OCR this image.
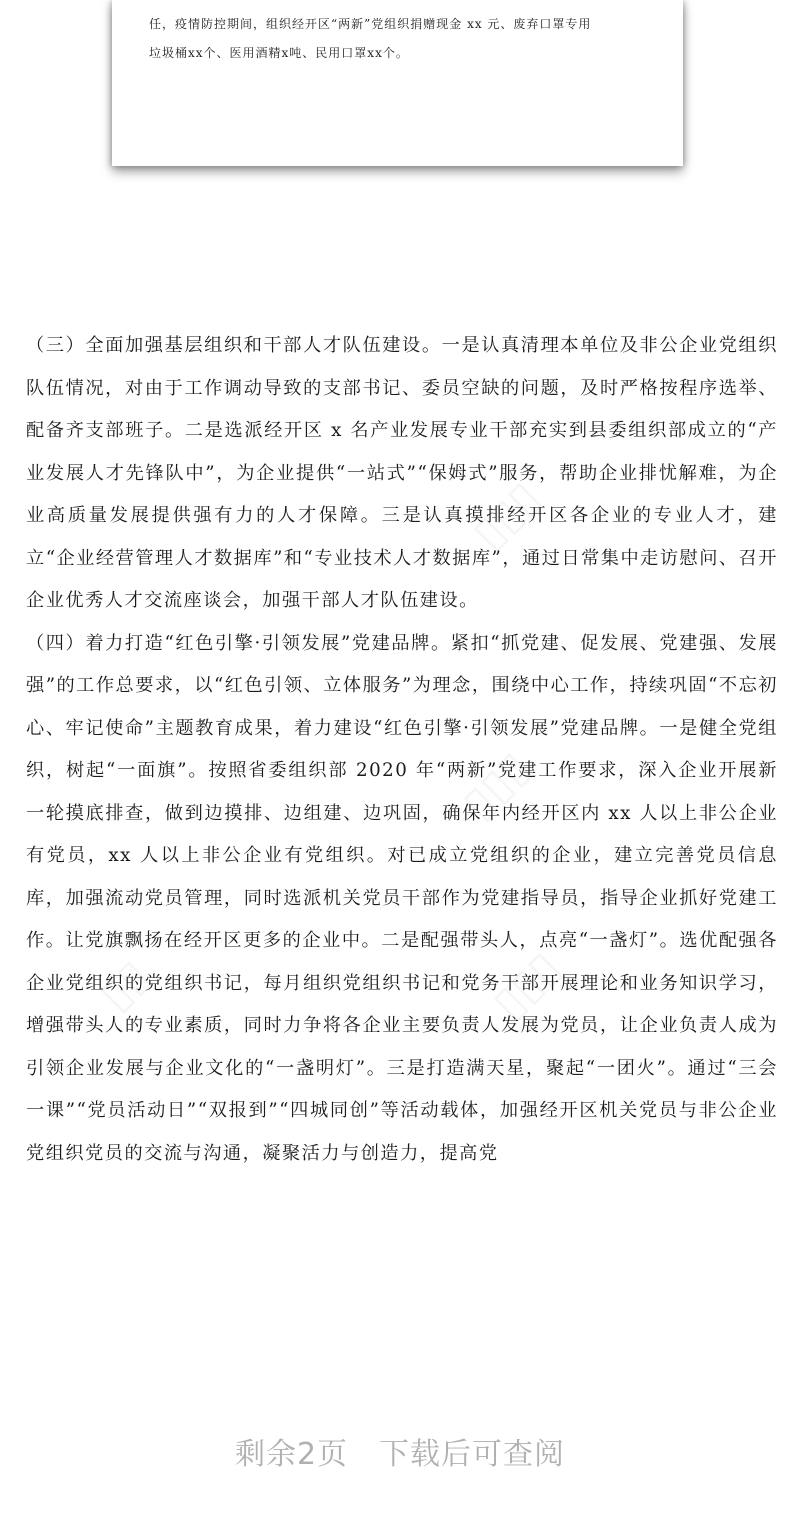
任，疫情防控期间，组织经开区“两新”党组织捐赠现金 xx 元、废弃口罩专用
垃圾桶xx个、医用酒精x吨、民用口罩xx个。
▯▯▯
▯▯▯
▯▯	▯▯▯

（三）全面加强基层组织和干部人才队伍建设。一是认真清理本单位及非公企业党组织队伍情况，对由于工作调动导致的支部书记、委员空缺的问题，及时严格按程序选举、配备齐支部班子。二是选派经开区 x 名产业发展专业干部充实到县委组织部成立的“产业发展人才先锋队中”，为企业提供“一站式”“保姆式”服务，帮助企业排忧解难，为企业高质量发展提供强有力的人才保障。三是认真摸排经开区各企业的专业人才，建立“企业经营管理人才数据库”和“专业技术人才数据库”，通过日常集中走访慰问、召开企业优秀人才交流座谈会，加强干部人才队伍建设。

（四）着力打造“红色引擎·引领发展”党建品牌。紧扣“抓党建、促发展、党建强、发展强”的工作总要求，以“红色引领、立体服务”为理念，围绕中心工作，持续巩固“不忘初心、牢记使命”主题教育成果，着力建设“红色引擎·引领发展”党建品牌。一是健全党组织，树起“一面旗”。按照省委组织部 2020 年“两新”党建工作要求，深入企业开展新一轮摸底排查，做到边摸排、边组建、边巩固，确保年内经开区内 xx 人以上非公企业有党员，xx 人以上非公企业有党组织。对已成立党组织的企业，建立完善党员信息库，加强流动党员管理，同时选派机关党员干部作为党建指导员，指导企业抓好党建工作。让党旗飘扬在经开区更多的企业中。二是配强带头人，点亮“一盏灯”。选优配强各企业党组织的党组织书记，每月组织党组织书记和党务干部开展理论和业务知识学习，增强带头人的专业素质，同时力争将各企业主要负责人发展为党员，让企业负责人成为引领企业发展与企业文化的“一盏明灯”。三是打造满天星，聚起“一团火”。通过“三会一课”“党员活动日”“双报到”“四城同创”等活动载体，加强经开区机关党员与非公企业党组织党员的交流与沟通，凝聚活力与创造力，提高党

剩余2页　下载后可查阅
